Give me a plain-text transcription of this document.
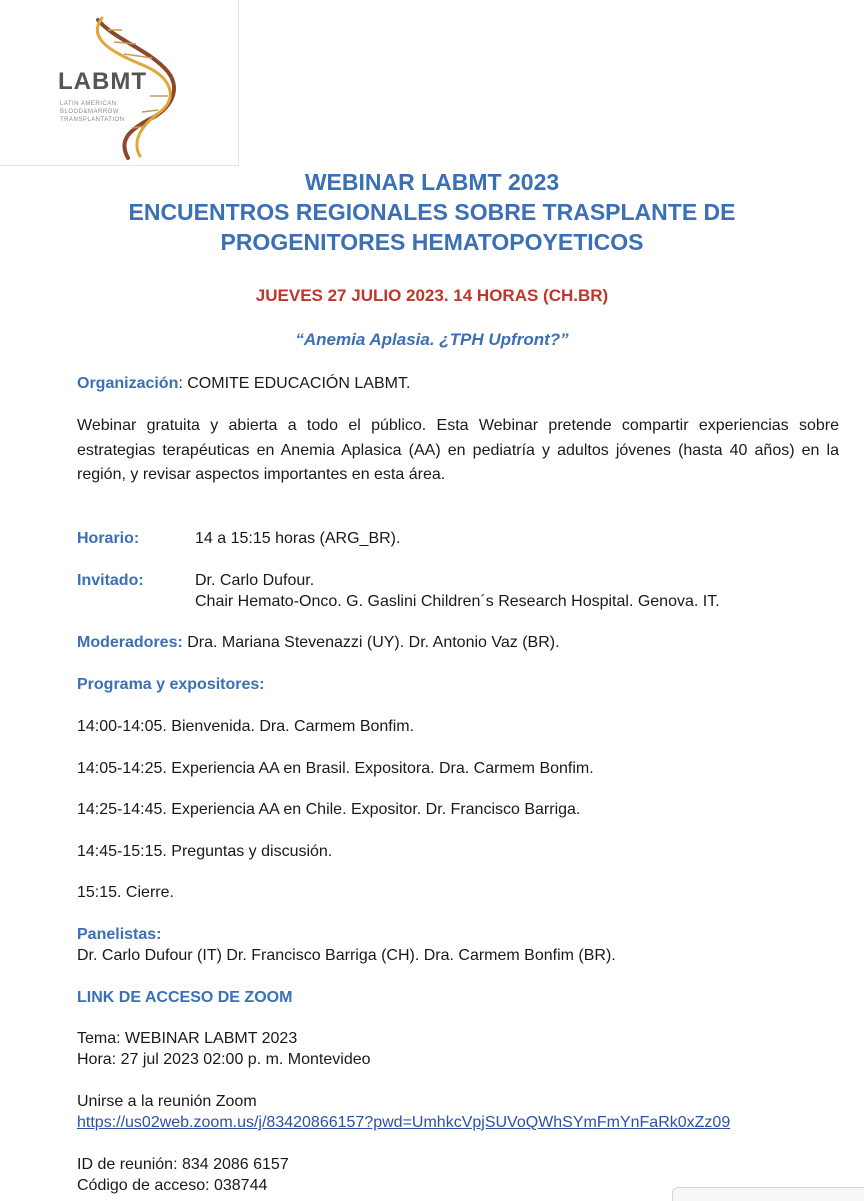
LABMT
LATIN AMERICAN
BLOOD&MARROW
TRANSPLANTATION
WEBINAR LABMT 2023
ENCUENTROS REGIONALES SOBRE TRASPLANTE DE
PROGENITORES HEMATOPOYETICOS
JUEVES 27 JULIO 2023. 14 HORAS (CH.BR)
“Anemia Aplasia. ¿TPH Upfront?”
Organización: COMITE EDUCACIÓN LABMT.
Webinar gratuita y abierta a todo el público. Esta Webinar pretende compartir experiencias sobre estrategias terapéuticas en Anemia Aplasica (AA) en pediatría y adultos jóvenes (hasta 40 años) en la región, y revisar aspectos importantes en esta área.
Horario:	14 a 15:15 horas (ARG_BR).
Invitado:	Dr. Carlo Dufour.
Chair Hemato-Onco. G. Gaslini Children´s Research Hospital. Genova. IT.
Moderadores: Dra. Mariana Stevenazzi (UY). Dr. Antonio Vaz (BR).
Programa y expositores:
14:00-14:05. Bienvenida. Dra. Carmem Bonfim.
14:05-14:25. Experiencia AA en Brasil. Expositora. Dra. Carmem Bonfim.
14:25-14:45. Experiencia AA en Chile. Expositor. Dr. Francisco Barriga.
14:45-15:15. Preguntas y discusión.
15:15. Cierre.
Panelistas:
Dr. Carlo Dufour (IT) Dr. Francisco Barriga (CH). Dra. Carmem Bonfim (BR).
LINK DE ACCESO DE ZOOM
Tema: WEBINAR LABMT 2023
Hora: 27 jul 2023 02:00 p. m. Montevideo
Unirse a la reunión Zoom
https://us02web.zoom.us/j/83420866157?pwd=UmhkcVpjSUVoQWhSYmFmYnFaRk0xZz09
ID de reunión: 834 2086 6157
Código de acceso: 038744
